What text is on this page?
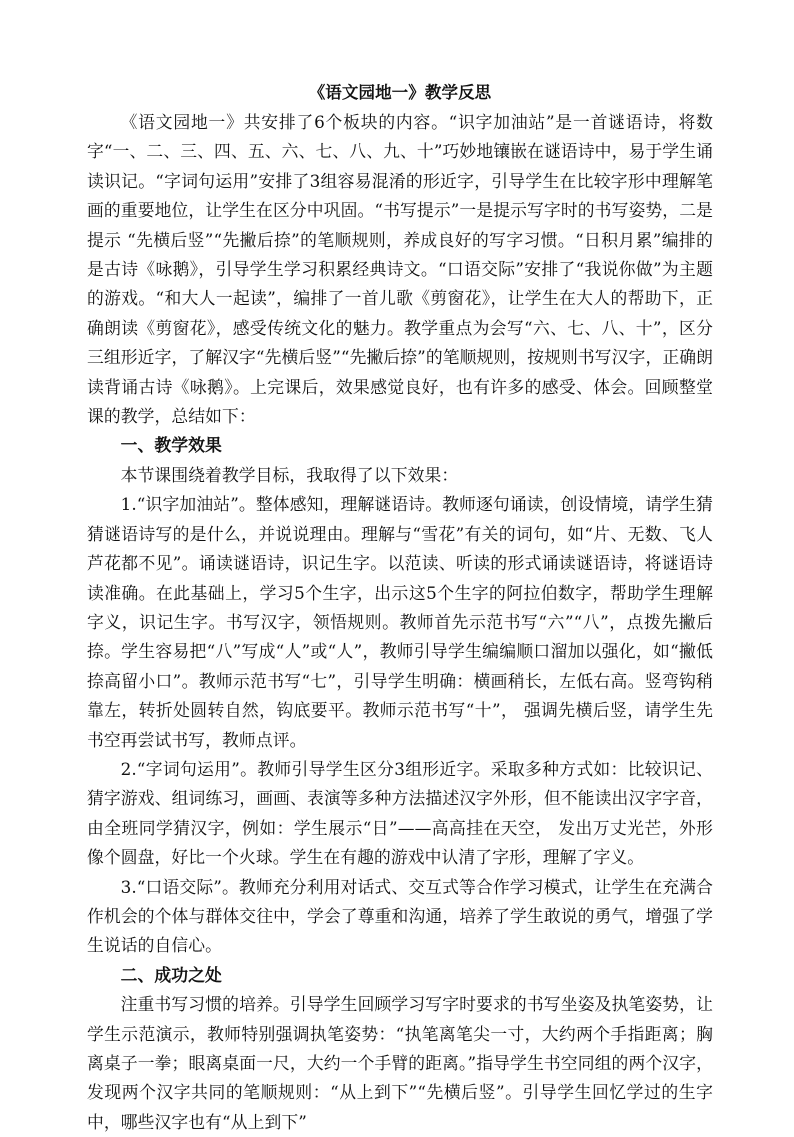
《语文园地一》教学反思

《语文园地一》共安排了6个板块的内容。“识字加油站”是一首谜语诗，将数字“一、二、三、四、五、六、七、八、九、十”巧妙地镶嵌在谜语诗中，易于学生诵读识记。“字词句运用”安排了3组容易混淆的形近字，引导学生在比较字形中理解笔画的重要地位，让学生在区分中巩固。“书写提示”一是提示写字时的书写姿势，二是提示 “先横后竖”“先撇后捺”的笔顺规则，养成良好的写字习惯。“日积月累”编排的是古诗《咏鹅》，引导学生学习积累经典诗文。“口语交际”安排了“我说你做”为主题的游戏。“和大人一起读”，编排了一首儿歌《剪窗花》，让学生在大人的帮助下，正确朗读《剪窗花》，感受传统文化的魅力。教学重点为会写“六、七、八、十”，区分三组形近字，了解汉字“先横后竖”“先撇后捺”的笔顺规则，按规则书写汉字，正确朗读背诵古诗《咏鹅》。上完课后，效果感觉良好，也有许多的感受、体会。回顾整堂课的教学，总结如下：

一、教学效果

本节课围绕着教学目标，我取得了以下效果：

1.“识字加油站”。整体感知，理解谜语诗。教师逐句诵读，创设情境，请学生猜猜谜语诗写的是什么，并说说理由。理解与“雪花”有关的词句，如“片、无数、飞人芦花都不见”。诵读谜语诗，识记生字。以范读、听读的形式诵读谜语诗，将谜语诗读准确。在此基础上，学习5个生字，出示这5个生字的阿拉伯数字，帮助学生理解字义，识记生字。书写汉字，领悟规则。教师首先示范书写“六”“八”，点拨先撇后捺。学生容易把“八”写成“人”或“人”，教师引导学生编编顺口溜加以强化，如“撇低捺高留小口”。教师示范书写“七”，引导学生明确：横画稍长，左低右高。竖弯钩稍靠左，转折处圆转自然，钩底要平。教师示范书写“十”， 强调先横后竖，请学生先书空再尝试书写，教师点评。

2.“字词句运用”。教师引导学生区分3组形近字。采取多种方式如：比较识记、猜字游戏、组词练习，画画、表演等多种方法描述汉字外形，但不能读出汉字字音，由全班同学猜汉字，例如：学生展示“日”——高高挂在天空， 发出万丈光芒，外形像个圆盘，好比一个火球。学生在有趣的游戏中认清了字形，理解了字义。

3.“口语交际”。教师充分利用对话式、交互式等合作学习模式，让学生在充满合作机会的个体与群体交往中，学会了尊重和沟通，培养了学生敢说的勇气，增强了学生说话的自信心。

二、成功之处

注重书写习惯的培养。引导学生回顾学习写字时要求的书写坐姿及执笔姿势，让学生示范演示，教师特别强调执笔姿势：“执笔离笔尖一寸，大约两个手指距离；胸离桌子一拳；眼离桌面一尺，大约一个手臂的距离。”指导学生书空同组的两个汉字，发现两个汉字共同的笔顺规则：“从上到下”“先横后竖”。引导学生回忆学过的生字中，哪些汉字也有“从上到下”
